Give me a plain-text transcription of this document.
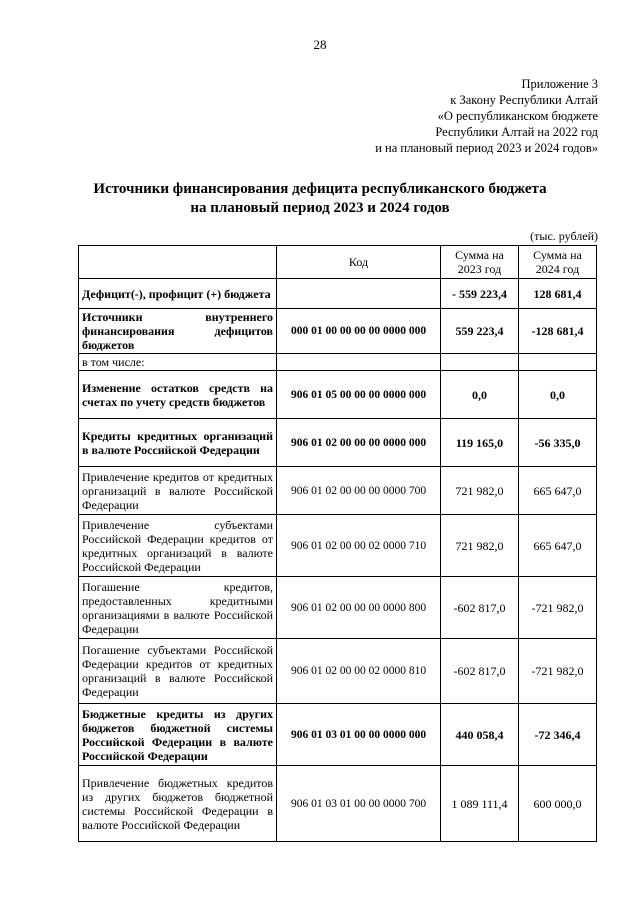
28
Приложение 3
к Закону Республики Алтай
«О республиканском бюджете
Республики Алтай на 2022 год
и на плановый период 2023 и 2024 годов»
Источники финансирования дефицита республиканского бюджета
на плановый период 2023 и 2024 годов
(тыс. рублей)
	Код	Сумма на 2023 год	Сумма на 2024 год
Дефицит(-), профицит (+) бюджета		- 559 223,4	128 681,4
Источники внутреннего финансирования дефицитов бюджетов	000 01 00 00 00 00 0000 000	559 223,4	-128 681,4
в том числе:			
Изменение остатков средств на счетах по учету средств бюджетов	906 01 05 00 00 00 0000 000	0,0	0,0
Кредиты кредитных организаций в валюте Российской Федерации	906 01 02 00 00 00 0000 000	119 165,0	-56 335,0
Привлечение кредитов от кредитных организаций в валюте Российской Федерации	906 01 02 00 00 00 0000 700	721 982,0	665 647,0
Привлечение субъектами Российской Федерации кредитов от кредитных организаций в валюте Российской Федерации	906 01 02 00 00 02 0000 710	721 982,0	665 647,0
Погашение кредитов, предоставленных кредитными организациями в валюте Российской Федерации	906 01 02 00 00 00 0000 800	-602 817,0	-721 982,0
Погашение субъектами Российской Федерации кредитов от кредитных организаций в валюте Российской Федерации	906 01 02 00 00 02 0000 810	-602 817,0	-721 982,0
Бюджетные кредиты из других бюджетов бюджетной системы Российской Федерации в валюте Российской Федерации	906 01 03 01 00 00 0000 000	440 058,4	-72 346,4
Привлечение бюджетных кредитов из других бюджетов бюджетной системы Российской Федерации в валюте Российской Федерации	906 01 03 01 00 00 0000 700	1 089 111,4	600 000,0
